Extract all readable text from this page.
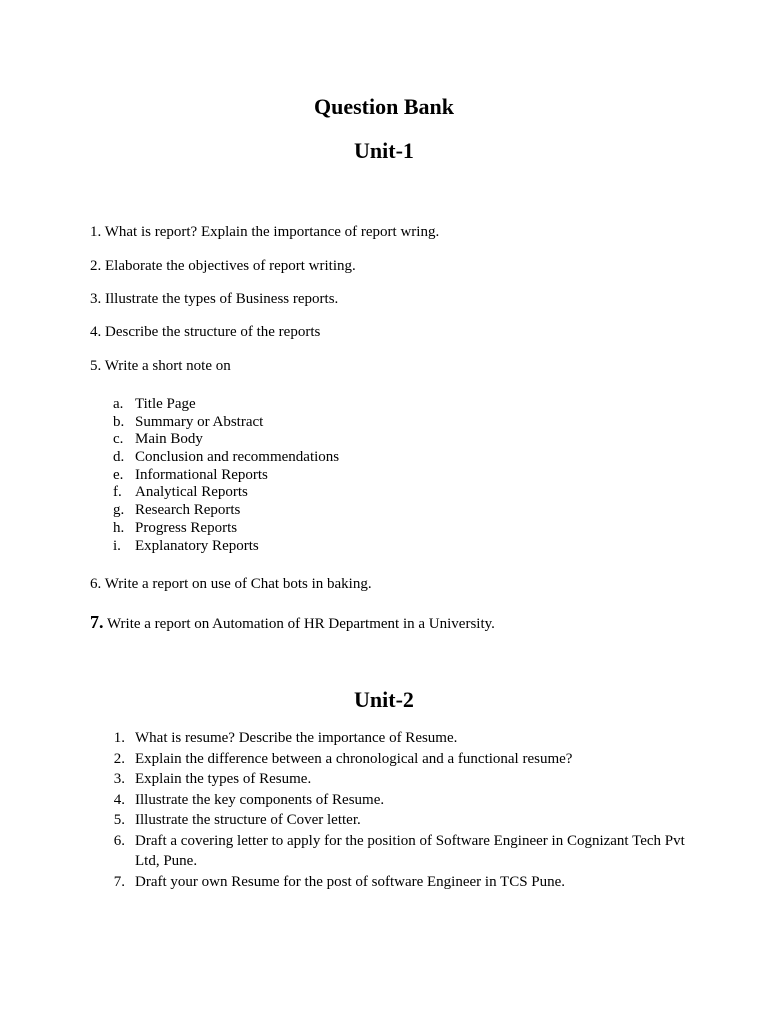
Question Bank
Unit-1

1. What is report? Explain the importance of report wring.

2. Elaborate the objectives of report writing.

3. Illustrate the types of Business reports.

4. Describe the structure of the reports

5. Write a short note on

a. Title Page
b. Summary or Abstract
c. Main Body
d. Conclusion and recommendations
e. Informational Reports
f. Analytical Reports
g. Research Reports
h. Progress Reports
i. Explanatory Reports

6. Write a report on use of Chat bots in baking.

7. Write a report on Automation of HR Department in a University.

Unit-2
1. What is resume? Describe the importance of Resume.
2. Explain the difference between a chronological and a functional resume?
3. Explain the types of Resume.
4. Illustrate the key components of Resume.
5. Illustrate the structure of Cover letter.
6. Draft a covering letter to apply for the position of Software Engineer in Cognizant Tech Pvt Ltd, Pune.
7. Draft your own Resume for the post of software Engineer in TCS Pune.
